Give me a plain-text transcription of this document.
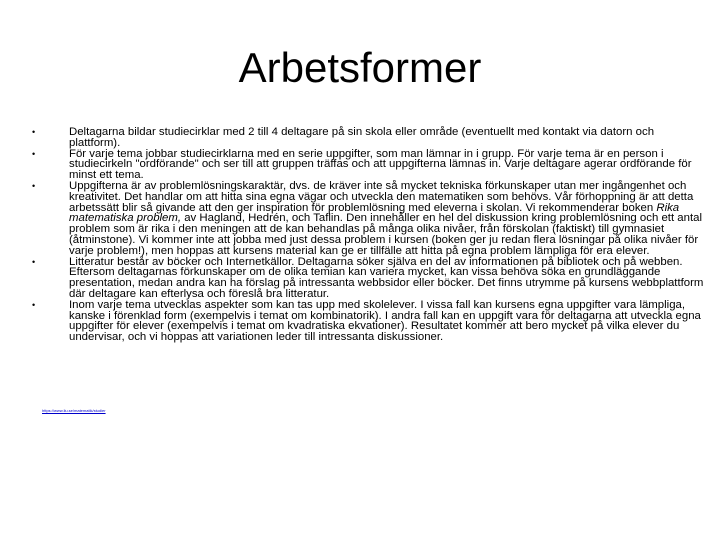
Arbetsformer
•	Deltagarna bildar studiecirklar med 2 till 4 deltagare på sin skola eller område (eventuellt med kontakt via datorn och plattform).
•	För varje tema jobbar studiecirklarna med en serie uppgifter, som man lämnar in i grupp. För varje tema är en person i studiecirkeln "ordförande" och ser till att gruppen träffas och att uppgifterna lämnas in. Varje deltagare agerar ordförande för minst ett tema.
•	Uppgifterna är av problemlösningskaraktär, dvs. de kräver inte så mycket tekniska förkunskaper utan mer ingångenhet och kreativitet. Det handlar om att hitta sina egna vägar och utveckla den matematiken som behövs. Vår förhoppning är att detta arbetssätt blir så givande att den ger inspiration för problemlösning med eleverna i skolan. Vi rekommenderar boken Rika matematiska problem, av Hagland, Hedrén, och Taflin. Den innehåller en hel del diskussion kring problemlösning och ett antal problem som är rika i den meningen att de kan behandlas på många olika nivåer, från förskolan (faktiskt) till gymnasiet (åtminstone). Vi kommer inte att jobba med just dessa problem i kursen (boken ger ju redan flera lösningar på olika nivåer för varje problem!), men hoppas att kursens material kan ge er tillfälle att hitta på egna problem lämpliga för era elever.
•	Litteratur består av böcker och Internetkällor. Deltagarna söker själva en del av informationen på bibliotek och på webben. Eftersom deltagarnas förkunskaper om de olika temian kan variera mycket, kan vissa behöva söka en grundläggande presentation, medan andra kan ha förslag på intressanta webbsidor eller böcker. Det finns utrymme på kursens webbplattform där deltagare kan efterlysa och föreslå bra litteratur.
•	Inom varje tema utvecklas aspekter som kan tas upp med skolelever. I vissa fall kan kursens egna uppgifter vara lämpliga, kanske i förenklad form (exempelvis i temat om kombinatorik). I andra fall kan en uppgift vara för deltagarna att utveckla egna uppgifter för elever (exempelvis i temat om kvadratiska ekvationer). Resultatet kommer att bero mycket på vilka elever du undervisar, och vi hoppas att variationen leder till intressanta diskussioner.
https://www.liu.se/matematik/studier
